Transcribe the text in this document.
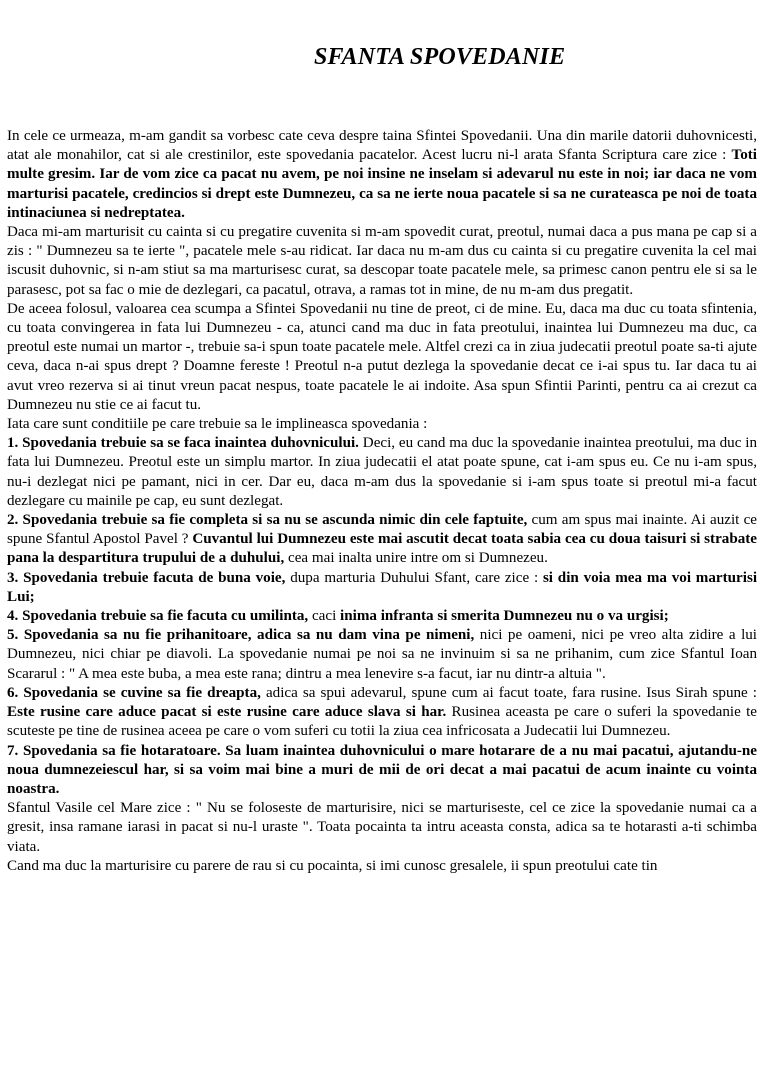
SFANTA SPOVEDANIE

In cele ce urmeaza, m-am gandit sa vorbesc cate ceva despre taina Sfintei Spovedanii. Una din marile datorii duhovnicesti, atat ale monahilor, cat si ale crestinilor, este spovedania pacatelor. Acest lucru ni-l arata Sfanta Scriptura care zice : Toti multe gresim. Iar de vom zice ca pacat nu avem, pe noi insine ne inselam si adevarul nu este in noi; iar daca ne vom marturisi pacatele, credincios si drept este Dumnezeu, ca sa ne ierte noua pacatele si sa ne curateasca pe noi de toata intinaciunea si nedreptatea.

Daca mi-am marturisit cu cainta si cu pregatire cuvenita si m-am spovedit curat, preotul, numai daca a pus mana pe cap si a zis : " Dumnezeu sa te ierte ", pacatele mele s-au ridicat. Iar daca nu m-am dus cu cainta si cu pregatire cuvenita la cel mai iscusit duhovnic, si n-am stiut sa ma marturisesc curat, sa descopar toate pacatele mele, sa primesc canon pentru ele si sa le parasesc, pot sa fac o mie de dezlegari, ca pacatul, otrava, a ramas tot in mine, de nu m-am dus pregatit.

De aceea folosul, valoarea cea scumpa a Sfintei Spovedanii nu tine de preot, ci de mine. Eu, daca ma duc cu toata sfintenia, cu toata convingerea in fata lui Dumnezeu - ca, atunci cand ma duc in fata preotului, inaintea lui Dumnezeu ma duc, ca preotul este numai un martor -, trebuie sa-i spun toate pacatele mele. Altfel crezi ca in ziua judecatii preotul poate sa-ti ajute ceva, daca n-ai spus drept ? Doamne fereste ! Preotul n-a putut dezlega la spovedanie decat ce i-ai spus tu. Iar daca tu ai avut vreo rezerva si ai tinut vreun pacat nespus, toate pacatele le ai indoite. Asa spun Sfintii Parinti, pentru ca ai crezut ca Dumnezeu nu stie ce ai facut tu.

Iata care sunt conditiile pe care trebuie sa le implineasca spovedania :

1. Spovedania trebuie sa se faca inaintea duhovnicului. Deci, eu cand ma duc la spovedanie inaintea preotului, ma duc in fata lui Dumnezeu. Preotul este un simplu martor. In ziua judecatii el atat poate spune, cat i-am spus eu. Ce nu i-am spus, nu-i dezlegat nici pe pamant, nici in cer. Dar eu, daca m-am dus la spovedanie si i-am spus toate si preotul mi-a facut dezlegare cu mainile pe cap, eu sunt dezlegat.

2. Spovedania trebuie sa fie completa si sa nu se ascunda nimic din cele faptuite, cum am spus mai inainte. Ai auzit ce spune Sfantul Apostol Pavel ? Cuvantul lui Dumnezeu este mai ascutit decat toata sabia cea cu doua taisuri si strabate pana la despartitura trupului de a duhului, cea mai inalta unire intre om si Dumnezeu.

3. Spovedania trebuie facuta de buna voie, dupa marturia Duhului Sfant, care zice : si din voia mea ma voi marturisi Lui;

4. Spovedania trebuie sa fie facuta cu umilinta, caci inima infranta si smerita Dumnezeu nu o va urgisi;

5. Spovedania sa nu fie prihanitoare, adica sa nu dam vina pe nimeni, nici pe oameni, nici pe vreo alta zidire a lui Dumnezeu, nici chiar pe diavoli. La spovedanie numai pe noi sa ne invinuim si sa ne prihanim, cum zice Sfantul Ioan Scararul : " A mea este buba, a mea este rana; dintru a mea lenevire s-a facut, iar nu dintr-a altuia ".

6. Spovedania se cuvine sa fie dreapta, adica sa spui adevarul, spune cum ai facut toate, fara rusine. Isus Sirah spune : Este rusine care aduce pacat si este rusine care aduce slava si har. Rusinea aceasta pe care o suferi la spovedanie te scuteste pe tine de rusinea aceea pe care o vom suferi cu totii la ziua cea infricosata a Judecatii lui Dumnezeu.

7. Spovedania sa fie hotaratoare. Sa luam inaintea duhovnicului o mare hotarare de a nu mai pacatui, ajutandu-ne noua dumnezeiescul har, si sa voim mai bine a muri de mii de ori decat a mai pacatui de acum inainte cu vointa noastra.

Sfantul Vasile cel Mare zice : " Nu se foloseste de marturisire, nici se marturiseste, cel ce zice la spovedanie numai ca a gresit, insa ramane iarasi in pacat si nu-l uraste ". Toata pocainta ta intru aceasta consta, adica sa te hotarasti a-ti schimba viata.

Cand ma duc la marturisire cu parere de rau si cu pocainta, si imi cunosc gresalele, ii spun preotului cate tin
